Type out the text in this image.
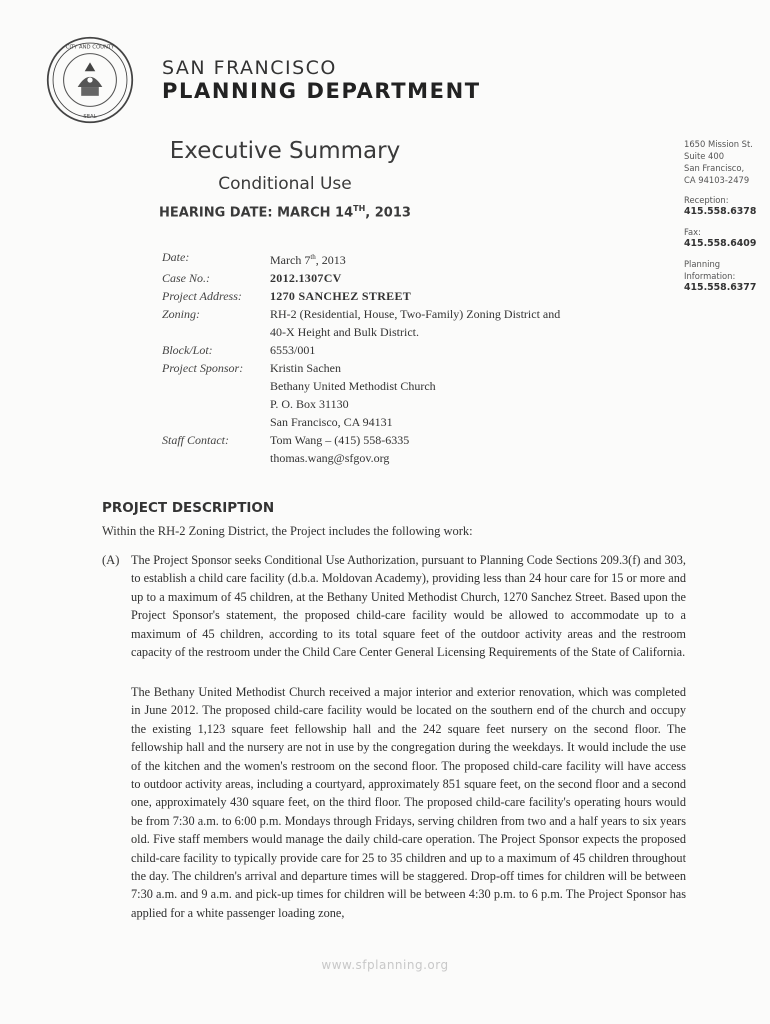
CITY AND COUNTY
SEAL
SAN FRANCISCO
PLANNING DEPARTMENT
Executive Summary
Conditional Use
HEARING DATE: MARCH 14TH, 2013
1650 Mission St.
Suite 400
San Francisco,
CA 94103-2479
Reception:
415.558.6378
Fax:
415.558.6409
Planning
Information:
415.558.6377
Date:	March 7th, 2013
Case No.:	2012.1307CV
Project Address:	1270 SANCHEZ STREET
Zoning:	RH-2 (Residential, House, Two-Family) Zoning District and
40-X Height and Bulk District.
Block/Lot:	6553/001
Project Sponsor:	Kristin Sachen
Bethany United Methodist Church
P. O. Box 31130
San Francisco, CA 94131
Staff Contact:	Tom Wang – (415) 558-6335
thomas.wang@sfgov.org
PROJECT DESCRIPTION
Within the RH-2 Zoning District, the Project includes the following work:
(A) The Project Sponsor seeks Conditional Use Authorization, pursuant to Planning Code Sections 209.3(f) and 303, to establish a child care facility (d.b.a. Moldovan Academy), providing less than 24 hour care for 15 or more and up to a maximum of 45 children, at the Bethany United Methodist Church, 1270 Sanchez Street. Based upon the Project Sponsor's statement, the proposed child-care facility would be allowed to accommodate up to a maximum of 45 children, according to its total square feet of the outdoor activity areas and the restroom capacity of the restroom under the Child Care Center General Licensing Requirements of the State of California.
The Bethany United Methodist Church received a major interior and exterior renovation, which was completed in June 2012. The proposed child-care facility would be located on the southern end of the church and occupy the existing 1,123 square feet fellowship hall and the 242 square feet nursery on the second floor. The fellowship hall and the nursery are not in use by the congregation during the weekdays. It would include the use of the kitchen and the women's restroom on the second floor. The proposed child-care facility will have access to outdoor activity areas, including a courtyard, approximately 851 square feet, on the second floor and a second one, approximately 430 square feet, on the third floor. The proposed child-care facility's operating hours would be from 7:30 a.m. to 6:00 p.m. Mondays through Fridays, serving children from two and a half years to six years old. Five staff members would manage the daily child-care operation. The Project Sponsor expects the proposed child-care facility to typically provide care for 25 to 35 children and up to a maximum of 45 children throughout the day. The children's arrival and departure times will be staggered. Drop-off times for children will be between 7:30 a.m. and 9 a.m. and pick-up times for children will be between 4:30 p.m. to 6 p.m. The Project Sponsor has applied for a white passenger loading zone,
www.sfplanning.org
